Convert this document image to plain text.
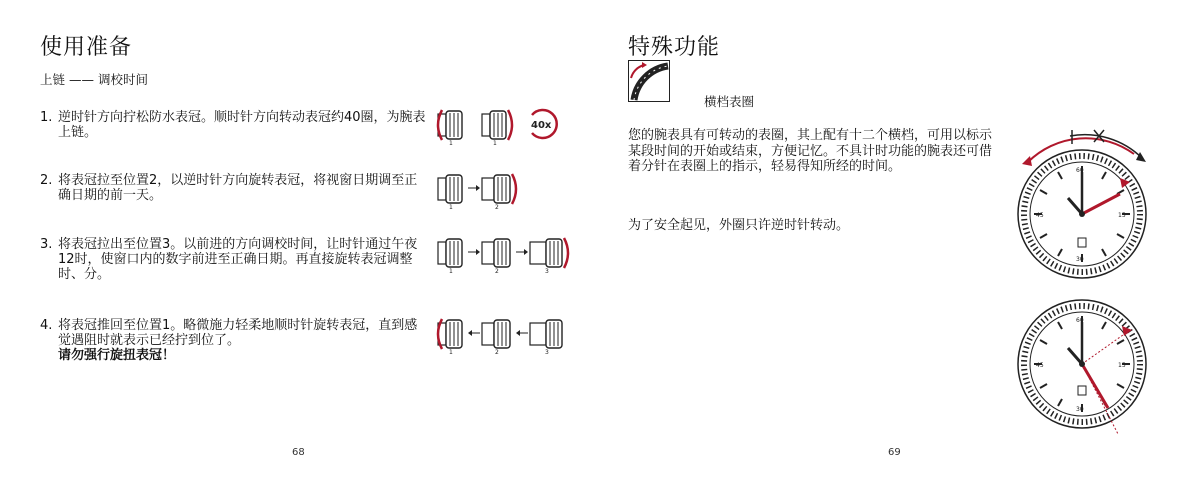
使用准备
上链 —— 调校时间
1. 逆时针方向拧松防水表冠。顺时针方向转动表冠约40圈，为腕表上链。
2. 将表冠拉至位置2，以逆时针方向旋转表冠，将视窗日期调至正确日期的前一天。
3. 将表冠拉出至位置3。以前进的方向调校时间，让时针通过午夜12时，使窗口内的数字前进至正确日期。再直接旋转表冠调整时、分。
4. 将表冠推回至位置1。略微施力轻柔地顺时针旋转表冠，直到感觉遇阻时就表示已经拧到位了。
请勿强行旋扭表冠！
1	1
40x
1	2
1	2	3
1	2	3
68
特殊功能
横档表圈
您的腕表具有可转动的表圈，其上配有十二个横档，可用以标示某段时间的开始或结束，方便记忆。不具计时功能的腕表还可借着分针在表圈上的指示，轻易得知所经的时间。
为了安全起见，外圈只许逆时针转动。
60
15
30
45
60
15
30
45
69
